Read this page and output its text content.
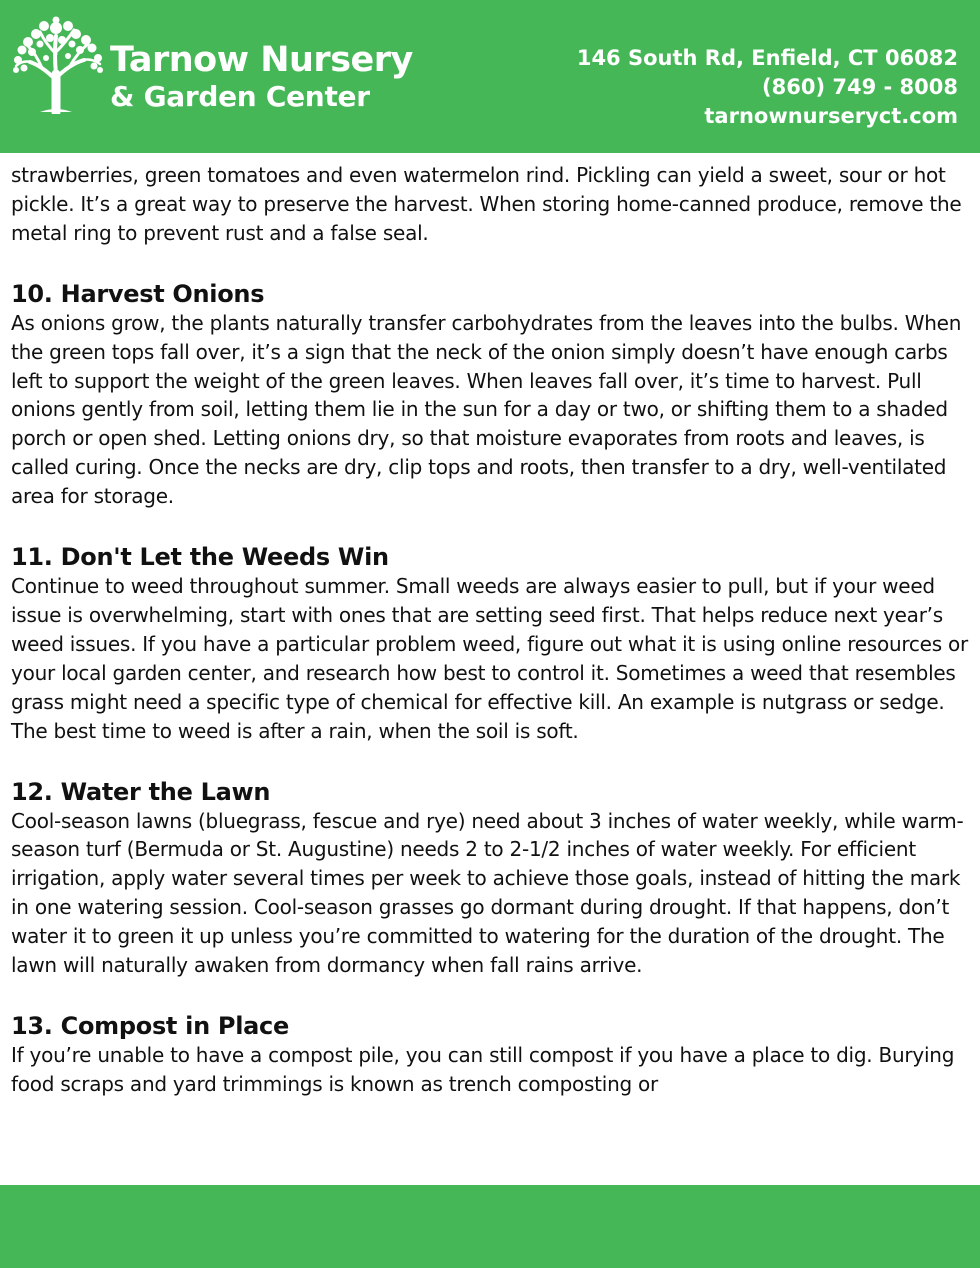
Tarnow Nursery
& Garden Center
146 South Rd, Enfield, CT 06082
(860) 749 - 8008
tarnownurseryct.com

strawberries, green tomatoes and even watermelon rind. Pickling can yield a sweet, sour or hot pickle. It’s a great way to preserve the harvest. When storing home-canned produce, remove the metal ring to prevent rust and a false seal.

10. Harvest Onions

As onions grow, the plants naturally transfer carbohydrates from the leaves into the bulbs. When the green tops fall over, it’s a sign that the neck of the onion simply doesn’t have enough carbs left to support the weight of the green leaves. When leaves fall over, it’s time to harvest. Pull onions gently from soil, letting them lie in the sun for a day or two, or shifting them to a shaded porch or open shed. Letting onions dry, so that moisture evaporates from roots and leaves, is called curing. Once the necks are dry, clip tops and roots, then transfer to a dry, well-ventilated area for storage.

11. Don't Let the Weeds Win

Continue to weed throughout summer. Small weeds are always easier to pull, but if your weed issue is overwhelming, start with ones that are setting seed first. That helps reduce next year’s weed issues. If you have a particular problem weed, figure out what it is using online resources or your local garden center, and research how best to control it. Sometimes a weed that resembles grass might need a specific type of chemical for effective kill. An example is nutgrass or sedge. The best time to weed is after a rain, when the soil is soft.

12. Water the Lawn

Cool-season lawns (bluegrass, fescue and rye) need about 3 inches of water weekly, while warm-season turf (Bermuda or St. Augustine) needs 2 to 2-1/2 inches of water weekly. For efficient irrigation, apply water several times per week to achieve those goals, instead of hitting the mark in one watering session. Cool-season grasses go dormant during drought. If that happens, don’t water it to green it up unless you’re committed to watering for the duration of the drought. The lawn will naturally awaken from dormancy when fall rains arrive.

13. Compost in Place

If you’re unable to have a compost pile, you can still compost if you have a place to dig. Burying food scraps and yard trimmings is known as trench composting or
